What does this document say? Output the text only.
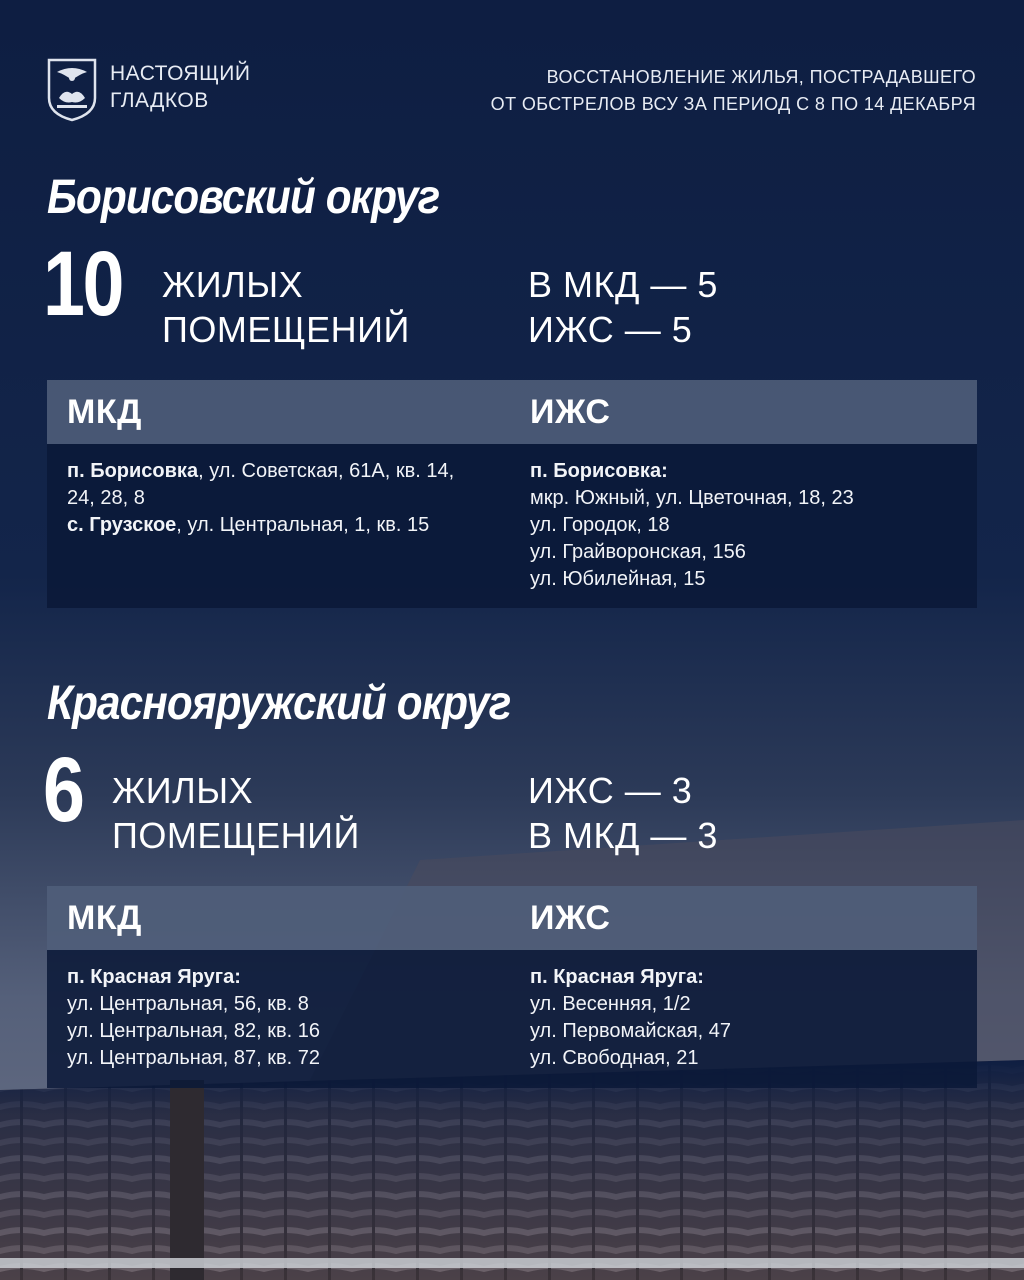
НАСТОЯЩИЙ
ГЛАДКОВ
ВОССТАНОВЛЕНИЕ ЖИЛЬЯ, ПОСТРАДАВШЕГО
ОТ ОБСТРЕЛОВ ВСУ ЗА ПЕРИОД С 8 ПО 14 ДЕКАБРЯ
Борисовский округ
10 ЖИЛЫХ
ПОМЕЩЕНИЙ
В МКД — 5
ИЖС — 5
МКД	ИЖС
п. Борисовка, ул. Советская, 61А, кв. 14,
24, 28, 8
с. Грузское, ул. Центральная, 1, кв. 15
п. Борисовка:
мкр. Южный, ул. Цветочная, 18, 23
ул. Городок, 18
ул. Грайворонская, 156
ул. Юбилейная, 15
Краснояружский округ
6 ЖИЛЫХ
ПОМЕЩЕНИЙ
ИЖС — 3
В МКД — 3
МКД	ИЖС
п. Красная Яруга:
ул. Центральная, 56, кв. 8
ул. Центральная, 82, кв. 16
ул. Центральная, 87, кв. 72
п. Красная Яруга:
ул. Весенняя, 1/2
ул. Первомайская, 47
ул. Свободная, 21
